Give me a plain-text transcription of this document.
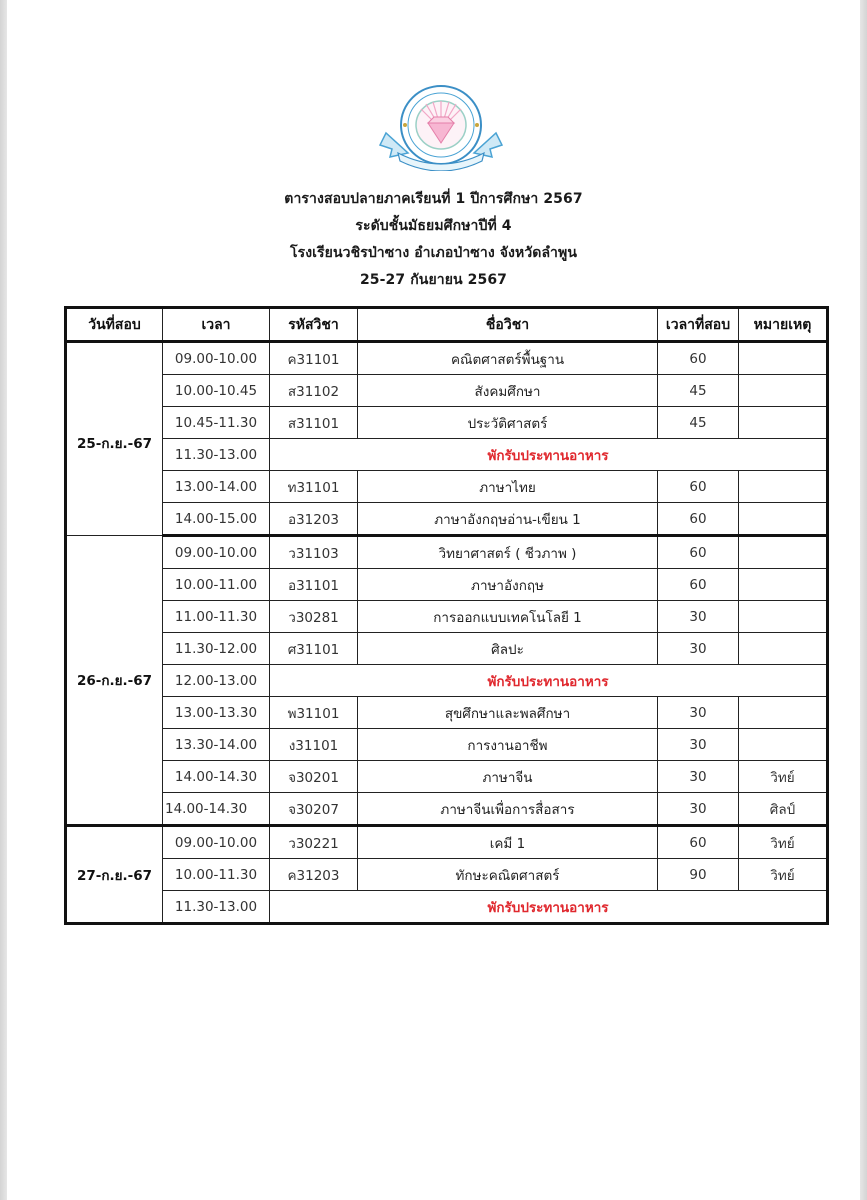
ตารางสอบปลายภาคเรียนที่ 1 ปีการศึกษา 2567
ระดับชั้นมัธยมศึกษาปีที่ 4
โรงเรียนวชิรป่าซาง อำเภอป่าซาง จังหวัดลำพูน
25-27 กันยายน 2567
วันที่สอบ	เวลา	รหัสวิชา	ชื่อวิชา	เวลาที่สอบ	หมายเหตุ
25-ก.ย.-67	09.00-10.00	ค31101	คณิตศาสตร์พื้นฐาน	60	
	10.00-10.45	ส31102	สังคมศึกษา	45	
	10.45-11.30	ส31101	ประวัติศาสตร์	45	
	11.30-13.00	พักรับประทานอาหาร			
	13.00-14.00	ท31101	ภาษาไทย	60	
	14.00-15.00	อ31203	ภาษาอังกฤษอ่าน-เขียน 1	60	
26-ก.ย.-67	09.00-10.00	ว31103	วิทยาศาสตร์ ( ชีวภาพ )	60	
	10.00-11.00	อ31101	ภาษาอังกฤษ	60	
	11.00-11.30	ว30281	การออกแบบเทคโนโลยี 1	30	
	11.30-12.00	ศ31101	ศิลปะ	30	
	12.00-13.00	พักรับประทานอาหาร			
	13.00-13.30	พ31101	สุขศึกษาและพลศึกษา	30	
	13.30-14.00	ง31101	การงานอาชีพ	30	
	14.00-14.30	จ30201	ภาษาจีน	30	วิทย์
	14.00-14.30	จ30207	ภาษาจีนเพื่อการสื่อสาร	30	ศิลป์
27-ก.ย.-67	09.00-10.00	ว30221	เคมี 1	60	วิทย์
	10.00-11.30	ค31203	ทักษะคณิตศาสตร์	90	วิทย์
	11.30-13.00	พักรับประทานอาหาร			
